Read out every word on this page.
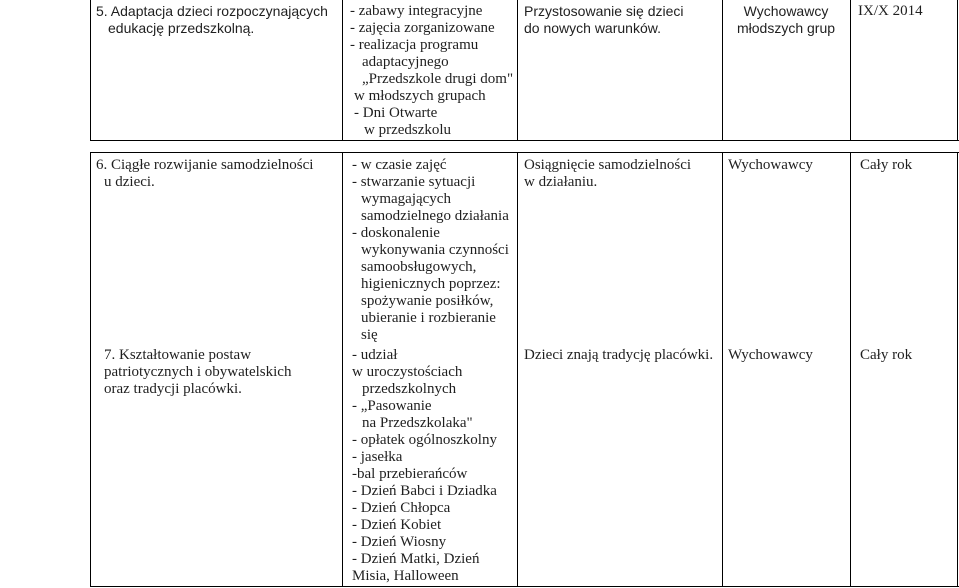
5. Adaptacja dzieci rozpoczynających
edukację przedszkolną.
- zabawy integracyjne
- zajęcia zorganizowane
- realizacja programu
adaptacyjnego
„Przedszkole drugi dom"
w młodszych grupach
- Dni Otwarte
w przedszkolu
Przystosowanie się dzieci
do nowych warunków.
Wychowawcy
młodszych grup
IX/X 2014
6. Ciągłe rozwijanie samodzielności
u dzieci.
- w czasie zajęć
- stwarzanie sytuacji
wymagających
samodzielnego działania
- doskonalenie
wykonywania czynności
samoobsługowych,
higienicznych poprzez:
spożywanie posiłków,
ubieranie i rozbieranie
się
Osiągnięcie samodzielności
w działaniu.
Wychowawcy	Cały rok
7. Kształtowanie postaw
patriotycznych i obywatelskich
oraz tradycji placówki.
- udział
w uroczystościach
przedszkolnych
- „Pasowanie
na Przedszkolaka"
- opłatek ogólnoszkolny
- jasełka
-bal przebierańców
- Dzień Babci i Dziadka
- Dzień Chłopca
- Dzień Kobiet
- Dzień Wiosny
- Dzień Matki, Dzień
Misia, Halloween
Dzieci znają tradycję placówki. Wychowawcy	Cały rok
